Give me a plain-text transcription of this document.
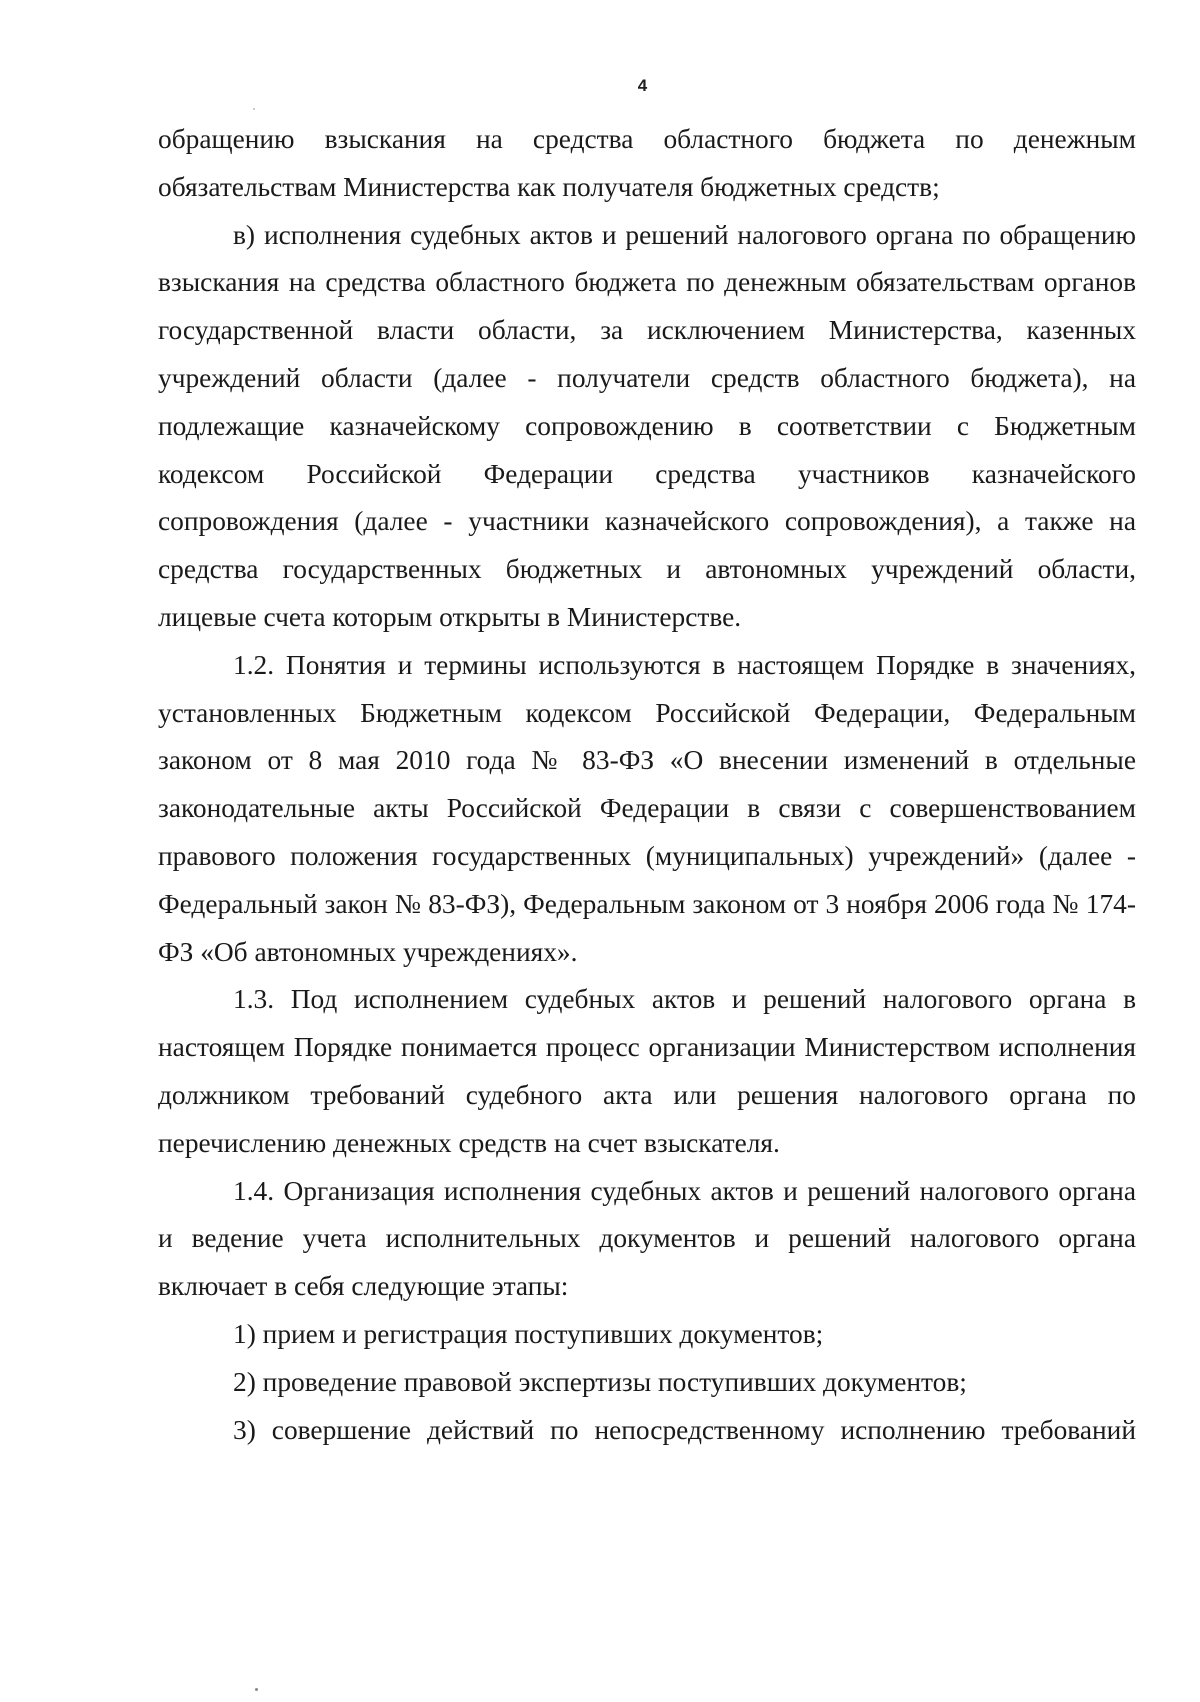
4

обращению взыскания на средства областного бюджета по денежным обязательствам Министерства как получателя бюджетных средств;

в) исполнения судебных актов и решений налогового органа по обращению взыскания на средства областного бюджета по денежным обязательствам органов государственной власти области, за исключением Министерства, казенных учреждений области (далее - получатели средств областного бюджета), на подлежащие казначейскому сопровождению в соответствии с Бюджетным кодексом Российской Федерации средства участников казначейского сопровождения (далее - участники казначейского сопровождения), а также на средства государственных бюджетных и автономных учреждений области, лицевые счета которым открыты в Министерстве.

1.2. Понятия и термины используются в настоящем Порядке в значениях, установленных Бюджетным кодексом Российской Федерации, Федеральным законом от 8 мая 2010 года № 83-ФЗ «О внесении изменений в отдельные законодательные акты Российской Федерации в связи с совершенствованием правового положения государственных (муниципальных) учреждений» (далее - Федеральный закон № 83-ФЗ), Федеральным законом от 3 ноября 2006 года № 174-ФЗ «Об автономных учреждениях».

1.3. Под исполнением судебных актов и решений налогового органа в настоящем Порядке понимается процесс организации Министерством исполнения должником требований судебного акта или решения налогового органа по перечислению денежных средств на счет взыскателя.

1.4. Организация исполнения судебных актов и решений налогового органа и ведение учета исполнительных документов и решений налогового органа включает в себя следующие этапы:

1) прием и регистрация поступивших документов;

2) проведение правовой экспертизы поступивших документов;

3) совершение действий по непосредственному исполнению требований
